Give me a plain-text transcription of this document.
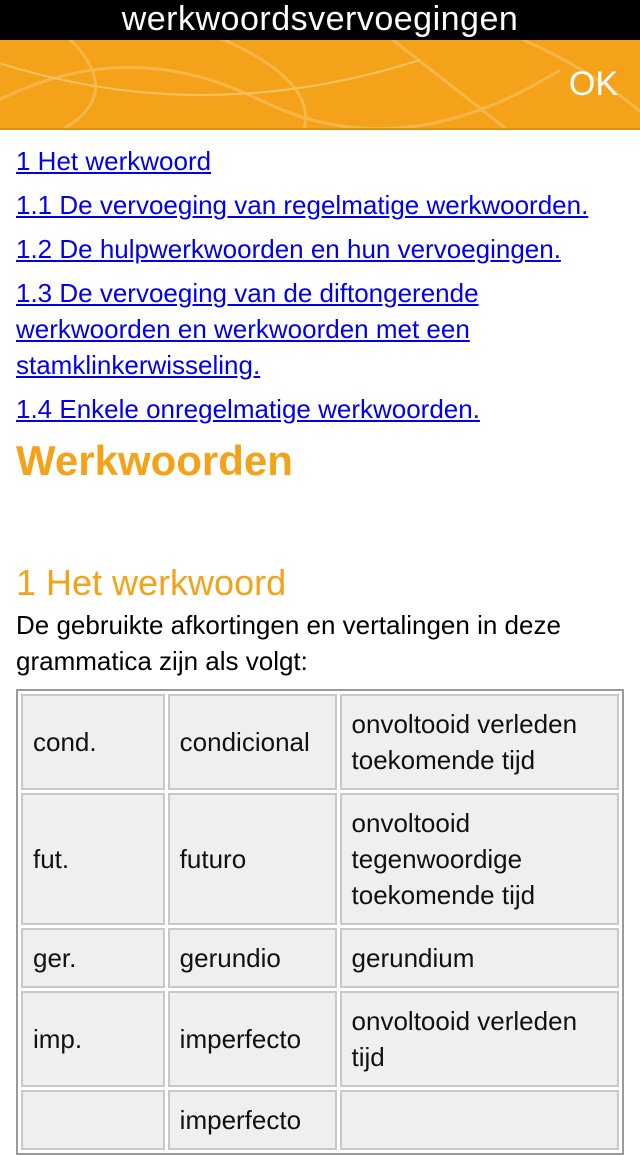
werkwoordsvervoegingen
OK
1 Het werkwoord
1.1 De vervoeging van regelmatige werkwoorden.
1.2 De hulpwerkwoorden en hun vervoegingen.
1.3 De vervoeging van de diftongerende werkwoorden en werkwoorden met een stamklinkerwisseling.
1.4 Enkele onregelmatige werkwoorden.
Werkwoorden
1 Het werkwoord

De gebruikte afkortingen en vertalingen in deze grammatica zijn als volgt:

cond.	condicional	onvoltooid verleden toekomende tijd
fut.	futuro	onvoltooid tegenwoordige toekomende tijd
ger.	gerundio	gerundium
imp.	imperfecto	onvoltooid verleden tijd
	imperfecto	
